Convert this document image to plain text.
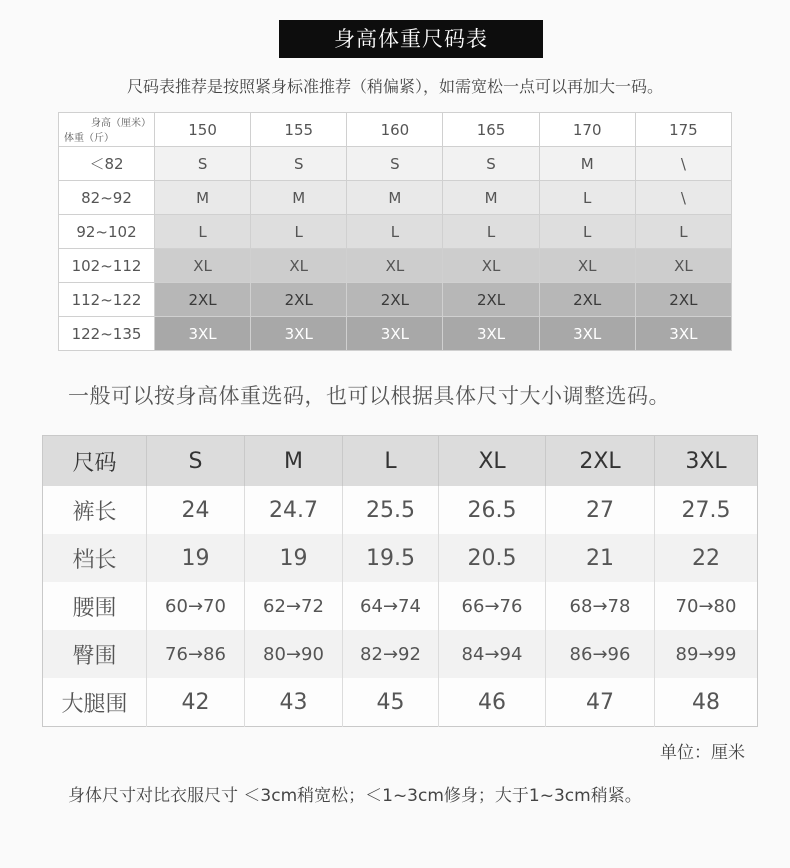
身高体重尺码表
尺码表推荐是按照紧身标准推荐（稍偏紧），如需宽松一点可以再加大一码。
身高（厘米）
体重（斤）	150	155	160	165	170	175
＜82	S	S	S	S	M	\
82~92	M	M	M	M	L	\
92~102	L	L	L	L	L	L
102~112	XL	XL	XL	XL	XL	XL
112~122	2XL	2XL	2XL	2XL	2XL	2XL
122~135	3XL	3XL	3XL	3XL	3XL	3XL
一般可以按身高体重选码，也可以根据具体尺寸大小调整选码。
尺码	S	M	L	XL	2XL	3XL
裤长	24	24.7	25.5	26.5	27	27.5
档长	19	19	19.5	20.5	21	22
腰围	60→70	62→72	64→74	66→76	68→78	70→80
臀围	76→86	80→90	82→92	84→94	86→96	89→99
大腿围	42	43	45	46	47	48
单位：厘米
身体尺寸对比衣服尺寸 ＜3cm稍宽松；＜1~3cm修身；大于1~3cm稍紧。
